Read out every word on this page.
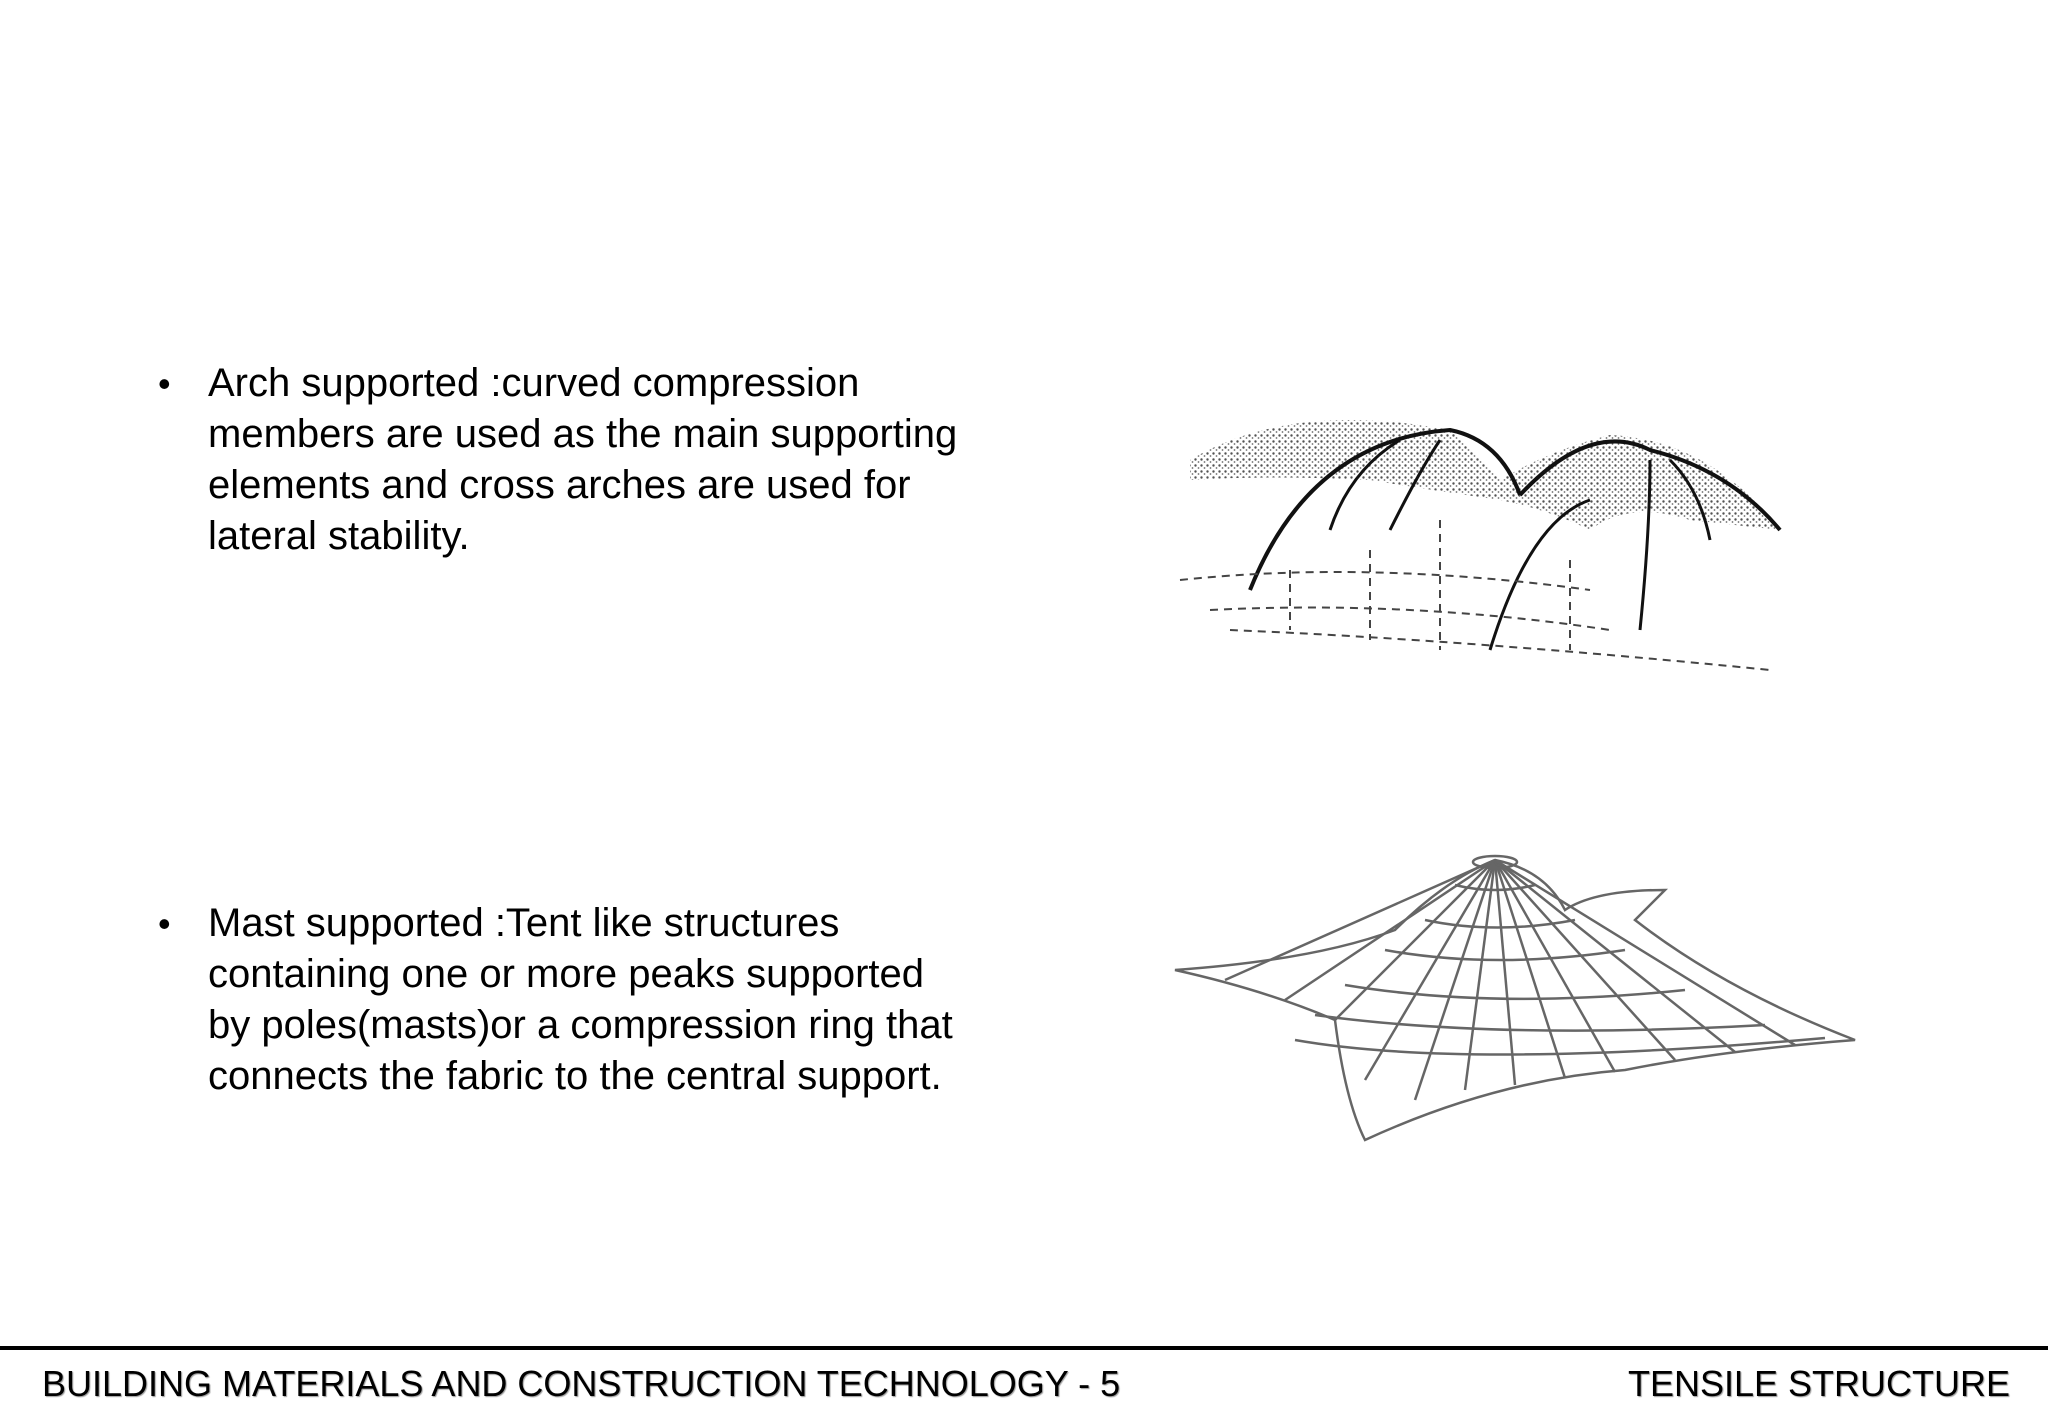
• Arch supported :curved compression
members are used as the main supporting
elements and cross arches are used for
lateral stability.
• Mast supported :Tent like structures
containing one or more peaks supported
by poles(masts)or a compression ring that
connects the fabric to the central support.
BUILDING MATERIALS AND CONSTRUCTION TECHNOLOGY - 5	TENSILE STRUCTURE
